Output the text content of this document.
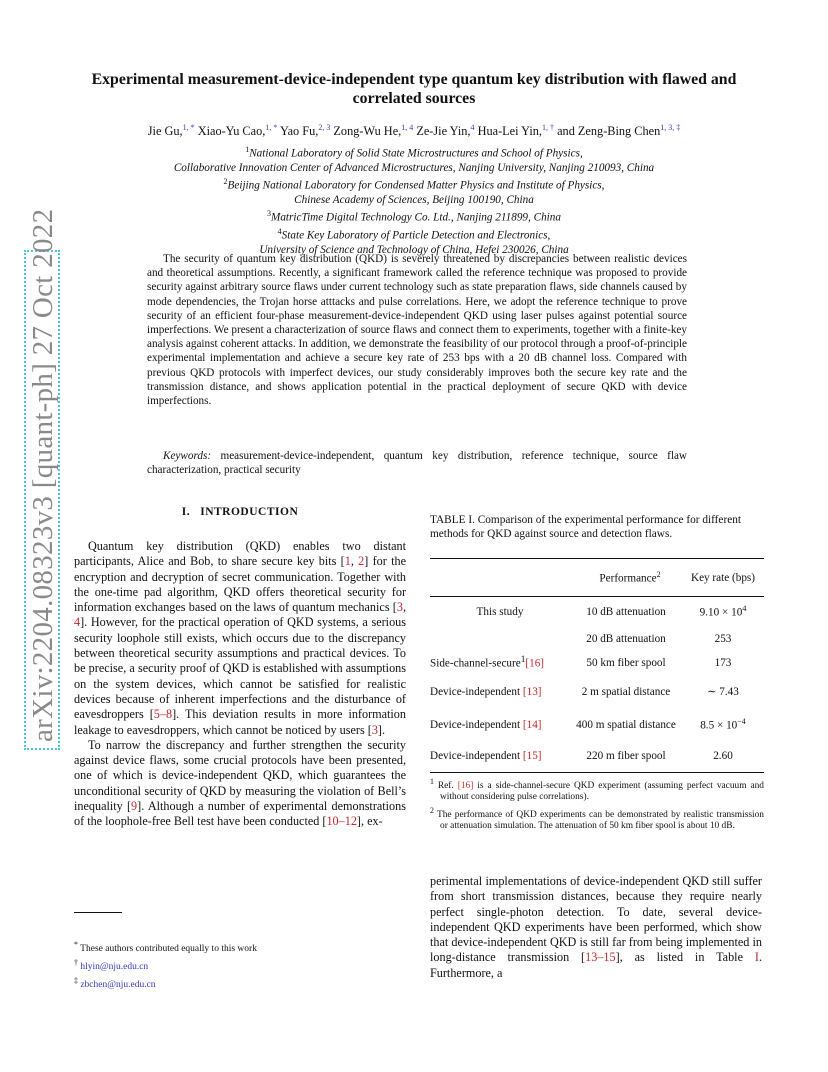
arXiv:2204.08323v3 [quant-ph] 27 Oct 2022
Experimental measurement-device-independent type quantum key distribution with flawed and correlated sources
Jie Gu,$^{1, *}$ Xiao-Yu Cao,$^{1, *}$ Yao Fu,$^{2, 3}$ Zong-Wu He,$^{1, 4}$ Ze-Jie Yin,$^4$ Hua-Lei Yin,$^{1, \dagger}$ and Zeng-Bing Chen$^{1, 3, \ddagger}$
$^1$National Laboratory of Solid State Microstructures and School of Physics,
Collaborative Innovation Center of Advanced Microstructures, Nanjing University, Nanjing 210093, China
$^2$Beijing National Laboratory for Condensed Matter Physics and Institute of Physics,
Chinese Academy of Sciences, Beijing 100190, China
$^3$MatricTime Digital Technology Co. Ltd., Nanjing 211899, China
$^4$State Key Laboratory of Particle Detection and Electronics,
University of Science and Technology of China, Hefei 230026, China
The security of quantum key distribution (QKD) is severely threatened by discrepancies between realistic devices and theoretical assumptions. Recently, a significant framework called the reference technique was proposed to provide security against arbitrary source flaws under current technology such as state preparation flaws, side channels caused by mode dependencies, the Trojan horse atttacks and pulse correlations. Here, we adopt the reference technique to prove security of an efficient four-phase measurement-device-independent QKD using laser pulses against potential source imperfections. We present a characterization of source flaws and connect them to experiments, together with a finite-key analysis against coherent attacks. In addition, we demonstrate the feasibility of our protocol through a proof-of-principle experimental implementation and achieve a secure key rate of 253 bps with a 20 dB channel loss. Compared with previous QKD protocols with imperfect devices, our study considerably improves both the secure key rate and the transmission distance, and shows application potential in the practical deployment of secure QKD with device imperfections.
Keywords: measurement-device-independent, quantum key distribution, reference technique, source flaw characterization, practical security
I. INTRODUCTION

Quantum key distribution (QKD) enables two distant participants, Alice and Bob, to share secure key bits [1, 2] for the encryption and decryption of secret communication. Together with the one-time pad algorithm, QKD offers theoretical security for information exchanges based on the laws of quantum mechanics [3, 4]. However, for the practical operation of QKD systems, a serious security loophole still exists, which occurs due to the discrepancy between theoretical security assumptions and practical devices. To be precise, a security proof of QKD is established with assumptions on the system devices, which cannot be satisfied for realistic devices because of inherent imperfections and the disturbance of eavesdroppers [5–8]. This deviation results in more information leakage to eavesdroppers, which cannot be noticed by users [3].

To narrow the discrepancy and further strengthen the security against device flaws, some crucial protocols have been presented, one of which is device-independent QKD, which guarantees the unconditional security of QKD by measuring the violation of Bell’s inequality [9]. Although a number of experimental demonstrations of the loophole-free Bell test have been conducted [10–12], ex-

* These authors contributed equally to this work
† hlyin@nju.edu.cn
‡ zbchen@nju.edu.cn
TABLE I. Comparison of the experimental performance for different methods for QKD against source and detection flaws.
	Performance$^2$	Key rate (bps)
This study	10 dB attenuation	$9.10 \times 10^4$
	20 dB attenuation	253
Side-channel-secure$^1$[16]	50 km fiber spool	173
Device-independent [13]	2 m spatial distance	∼ 7.43
Device-independent [14]	400 m spatial distance	$8.5 \times 10^{-4}$
Device-independent [15]	220 m fiber spool	2.60

$^1$ Ref. [16] is a side-channel-secure QKD experiment (assuming perfect vacuum and without considering pulse correlations).

$^2$ The performance of QKD experiments can be demonstrated by realistic transmission or attenuation simulation. The attenuation of 50 km fiber spool is about 10 dB.

perimental implementations of device-independent QKD still suffer from short transmission distances, because they require nearly perfect single-photon detection. To date, several device-independent QKD experiments have been performed, which show that device-independent QKD is still far from being implemented in long-distance transmission [13–15], as listed in Table I. Furthermore, a
